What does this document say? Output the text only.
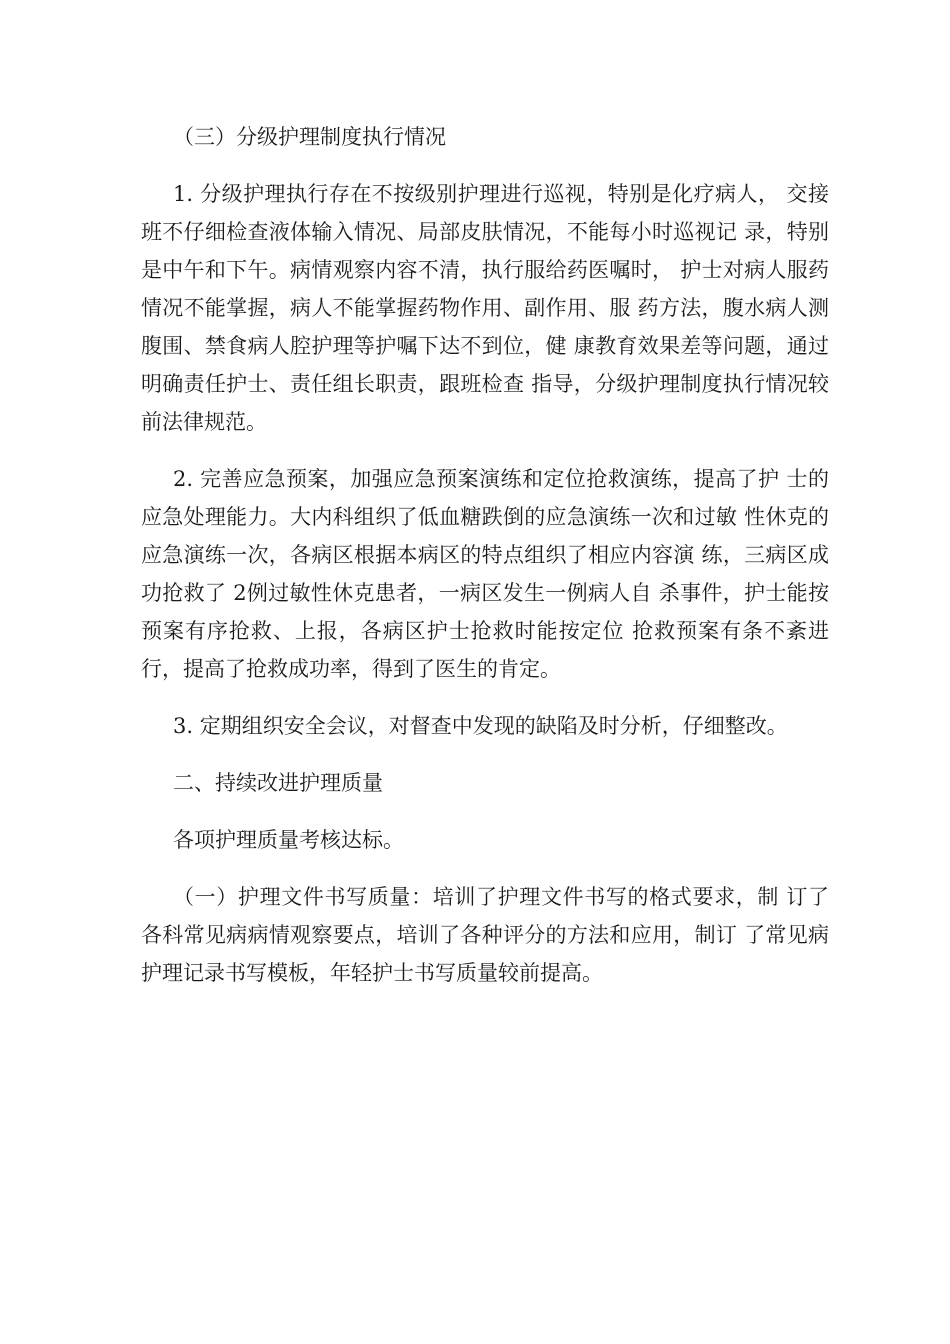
（三）分级护理制度执行情况

1. 分级护理执行存在不按级别护理进行巡视，特别是化疗病人， 交接班不仔细检查液体输入情况、局部皮肤情况，不能每小时巡视记 录，特别是中午和下午。病情观察内容不清，执行服给药医嘱时， 护士对病人服药情况不能掌握，病人不能掌握药物作用、副作用、服 药方法，腹水病人测腹围、禁食病人腔护理等护嘱下达不到位，健 康教育效果差等问题，通过明确责任护士、责任组长职责，跟班检查 指导，分级护理制度执行情况较前法律规范。

2. 完善应急预案，加强应急预案演练和定位抢救演练，提高了护 士的应急处理能力。大内科组织了低血糖跌倒的应急演练一次和过敏 性休克的应急演练一次，各病区根据本病区的特点组织了相应内容演 练，三病区成功抢救了 2例过敏性休克患者，一病区发生一例病人自 杀事件，护士能按预案有序抢救、上报，各病区护士抢救时能按定位 抢救预案有条不紊进行，提高了抢救成功率，得到了医生的肯定。

3. 定期组织安全会议，对督查中发现的缺陷及时分析，仔细整改。

二、持续改进护理质量

各项护理质量考核达标。

（一）护理文件书写质量：培训了护理文件书写的格式要求，制 订了各科常见病病情观察要点，培训了各种评分的方法和应用，制订 了常见病护理记录书写模板，年轻护士书写质量较前提高。
